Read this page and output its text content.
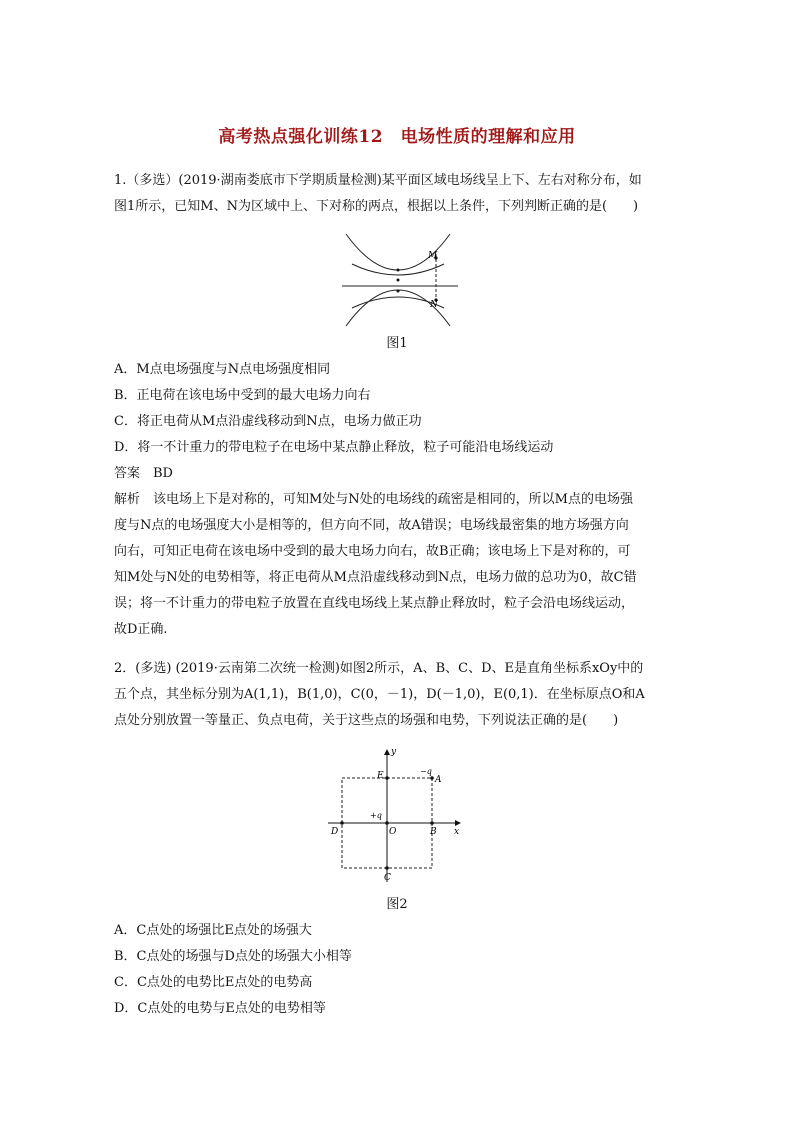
高考热点强化训练12　电场性质的理解和应用
1.（多选）(2019·湖南娄底市下学期质量检测)某平面区域电场线呈上下、左右对称分布，如
图1所示，已知M、N为区域中上、下对称的两点，根据以上条件，下列判断正确的是(　　)
M
N
图1
A．M点电场强度与N点电场强度相同
B．正电荷在该电场中受到的最大电场力向右
C．将正电荷从M点沿虚线移动到N点，电场力做正功
D．将一不计重力的带电粒子在电场中某点静止释放，粒子可能沿电场线运动
答案　BD
解析　该电场上下是对称的，可知M处与N处的电场线的疏密是相同的，所以M点的电场强
度与N点的电场强度大小是相等的，但方向不同，故A错误；电场线最密集的地方场强方向
向右，可知正电荷在该电场中受到的最大电场力向右，故B正确；该电场上下是对称的，可
知M处与N处的电势相等，将正电荷从M点沿虚线移动到N点，电场力做的总功为0，故C错
误；将一不计重力的带电粒子放置在直线电场线上某点静止释放时，粒子会沿电场线运动，
故D正确.
2．(多选) (2019·云南第二次统一检测)如图2所示，A、B、C、D、E是直角坐标系xOy中的
五个点，其坐标分别为A(1,1)，B(1,0)，C(0，－1)，D(－1,0)，E(0,1)．在坐标原点O和A
点处分别放置一等量正、负点电荷，关于这些点的场强和电势，下列说法正确的是(　　)
y
x
E	−q
A
+q
D	O	B
C
图2
A．C点处的场强比E点处的场强大
B．C点处的场强与D点处的场强大小相等
C．C点处的电势比E点处的电势高
D．C点处的电势与E点处的电势相等
